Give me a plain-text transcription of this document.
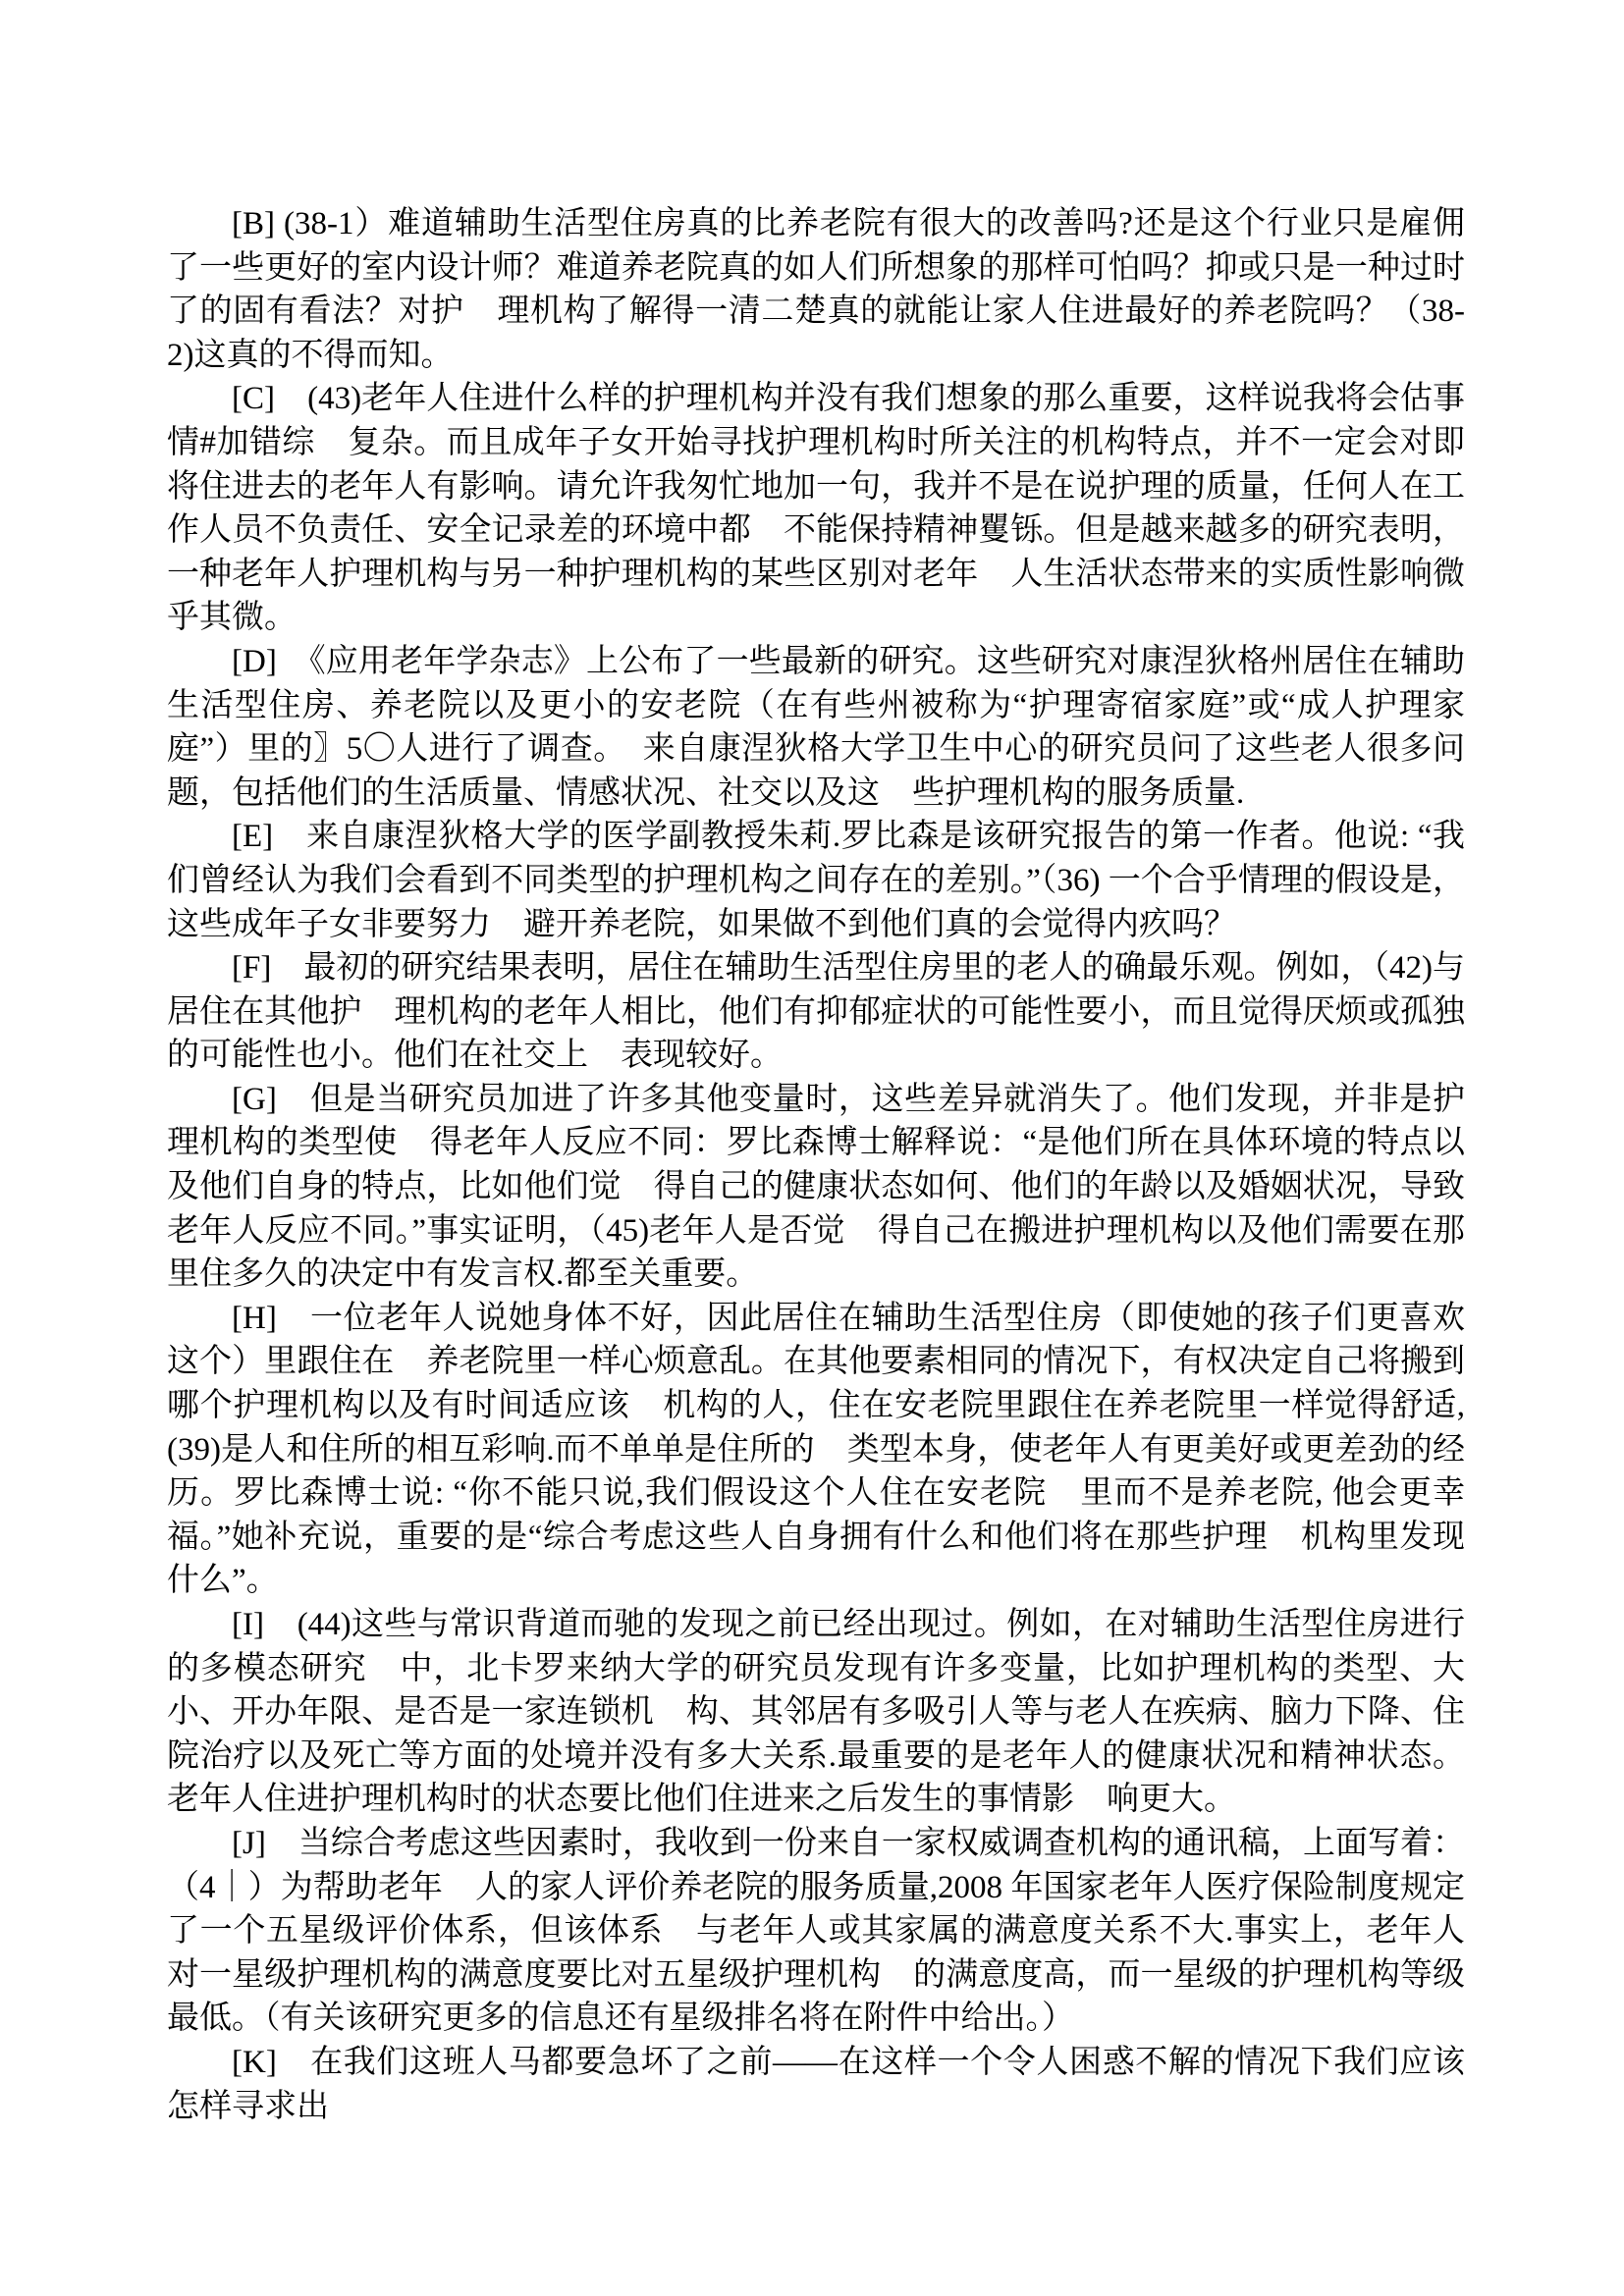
[B] (38-1）难道辅助生活型住房真的比养老院有很大的改善吗?还是这个行业只是雇佣了一些更好的室内设计师？难道养老院真的如人们所想象的那样可怕吗？抑或只是一种过时了的固有看法？对护　理机构了解得一清二楚真的就能让家人住进最好的养老院吗？（38-2)这真的不得而知。

[C]　(43)老年人住进什么样的护理机构并没有我们想象的那么重要，这样说我将会估事情#加错综　复杂。而且成年子女开始寻找护理机构时所关注的机构特点，并不一定会对即将住进去的老年人有影响。请允许我匆忙地加一句，我并不是在说护理的质量，任何人在工作人员不负责任、安全记录差的环境中都　不能保持精神矍铄。但是越来越多的研究表明，一种老年人护理机构与另一种护理机构的某些区别对老年　人生活状态带来的实质性影响微乎其微。

[D]　《应用老年学杂志》上公布了一些最新的研究。这些研究对康涅狄格州居住在辅助生活型住房、养老院以及更小的安老院（在有些州被称为“护理寄宿家庭”或“成人护理家庭”）里的〗5〇人进行了调查。　来自康涅狄格大学卫生中心的研究员问了这些老人很多问题，包括他们的生活质量、情感状况、社交以及这　些护理机构的服务质量.

[E]　来自康涅狄格大学的医学副教授朱莉.罗比森是该研究报告的第一作者。他说: “我们曾经认为我们会看到不同类型的护理机构之间存在的差别。”（36) 一个合乎情理的假设是，这些成年子女非要努力　避开养老院，如果做不到他们真的会觉得内疚吗？

[F]　最初的研究结果表明，居住在辅助生活型住房里的老人的确最乐观。例如，（42)与居住在其他护　理机构的老年人相比，他们有抑郁症状的可能性要小，而且觉得厌烦或孤独的可能性也小。他们在社交上　表现较好。

[G]　但是当研究员加进了许多其他变量时，这些差异就消失了。他们发现，并非是护理机构的类型使　得老年人反应不同：罗比森博士解释说：“是他们所在具体环境的特点以及他们自身的特点，比如他们觉　得自己的健康状态如何、他们的年龄以及婚姻状况，导致老年人反应不同。”事实证明，（45)老年人是否觉　得自己在搬进护理机构以及他们需要在那里住多久的决定中有发言权.都至关重要。

[H]　一位老年人说她身体不好，因此居住在辅助生活型住房（即使她的孩子们更喜欢这个）里跟住在　养老院里一样心烦意乱。在其他要素相同的情况下，有权决定自己将搬到哪个护理机构以及有时间适应该　机构的人，住在安老院里跟住在养老院里一样觉得舒适, (39)是人和住所的相互彩响.而不单单是住所的　类型本身，使老年人有更美好或更差劲的经历。罗比森博士说: “你不能只说,我们假设这个人住在安老院　里而不是养老院, 他会更幸福。”她补充说，重要的是“综合考虑这些人自身拥有什么和他们将在那些护理　机构里发现什么”。

[I]　(44)这些与常识背道而驰的发现之前已经出现过。例如，在对辅助生活型住房进行的多模态研究　中，北卡罗来纳大学的研究员发现有许多变量，比如护理机构的类型、大小、开办年限、是否是一家连锁机　构、其邻居有多吸引人等与老人在疾病、脑力下降、住院治疗以及死亡等方面的处境并没有多大关系.最重要的是老年人的健康状况和精神状态。老年人住进护理机构时的状态要比他们住进来之后发生的事情影　响更大。

[J]　当综合考虑这些因素时，我收到一份来自一家权威调查机构的通讯稿，上面写着：（4｜）为帮助老年　人的家人评价养老院的服务质量,2008 年国家老年人医疗保险制度规定了一个五星级评价体系，但该体系　与老年人或其家属的满意度关系不大.事实上，老年人对一星级护理机构的满意度要比对五星级护理机构　的满意度高，而一星级的护理机构等级最低。（有关该研究更多的信息还有星级排名将在附件中给出。）

[K]　在我们这班人马都要急坏了之前——在这样一个令人困惑不解的情况下我们应该怎样寻求出
